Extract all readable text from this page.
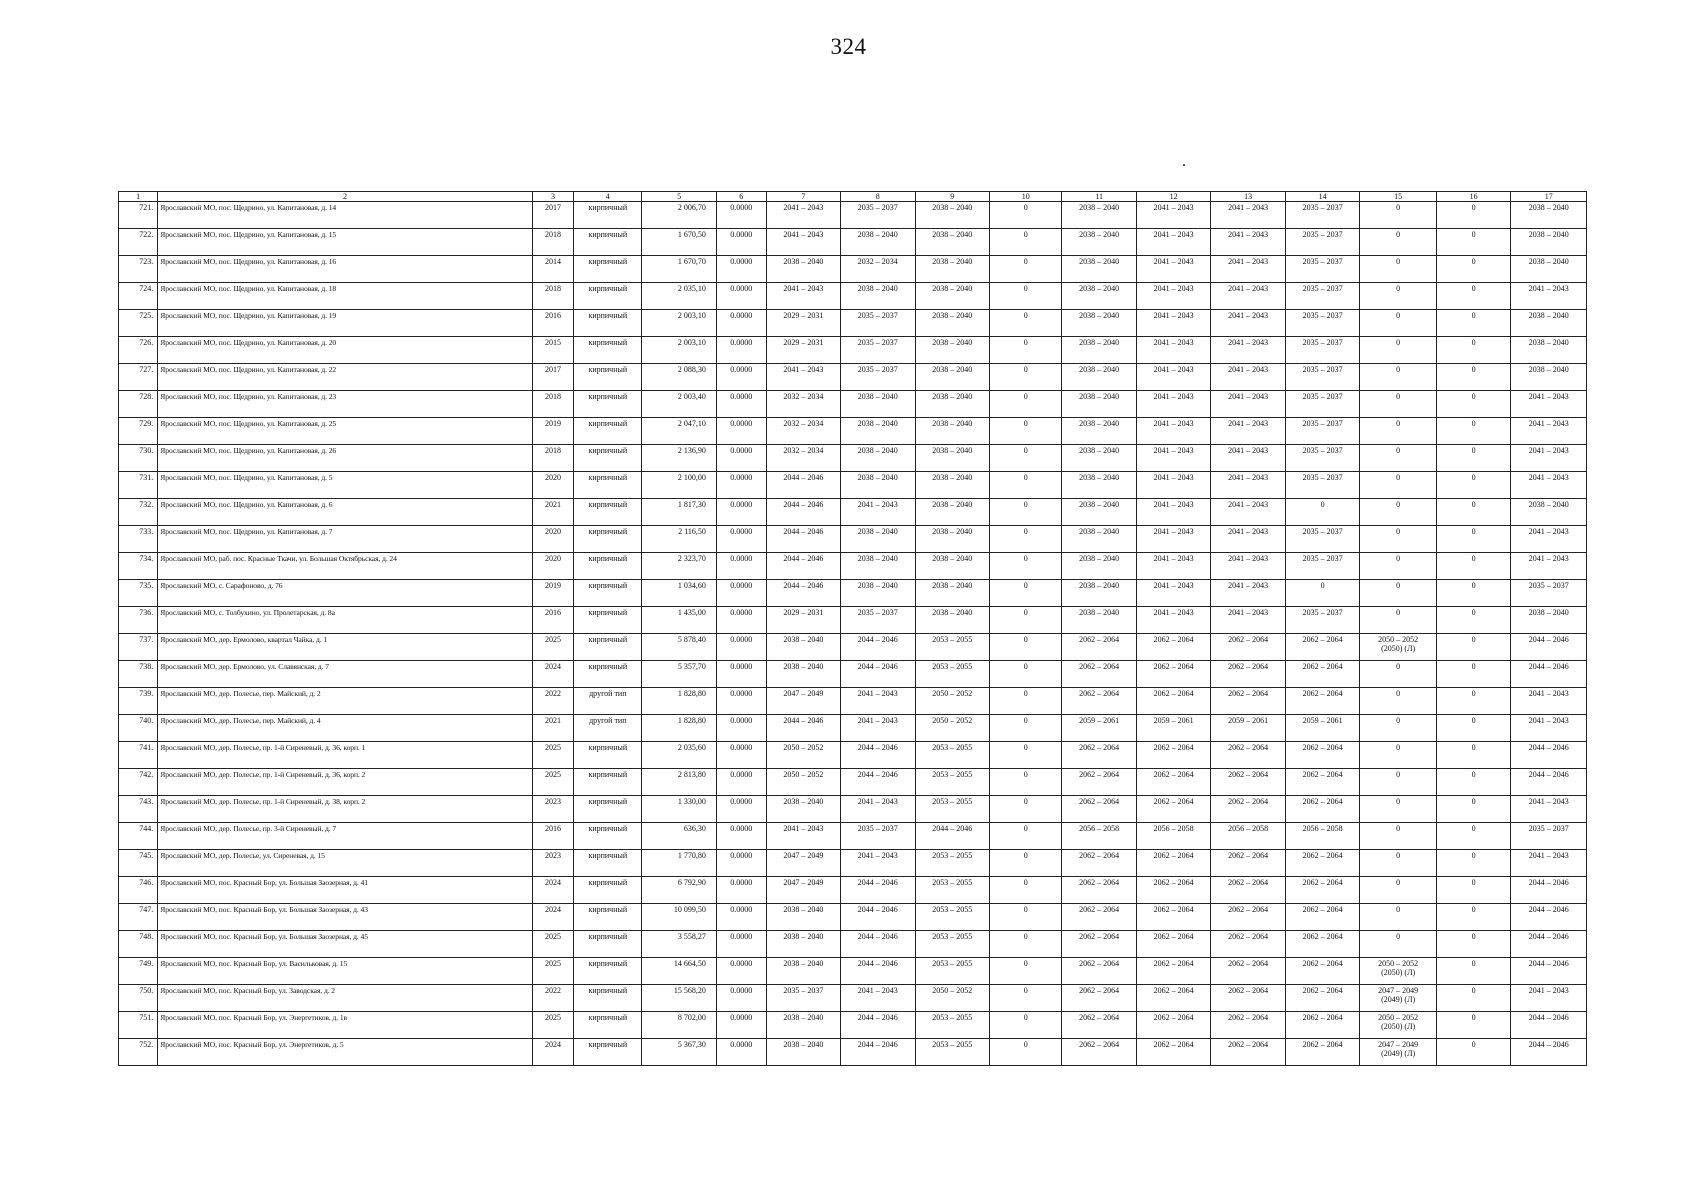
324
1	2	3	4	5	6	7	8	9	10	11	12	13	14	15	16	17
721.	Ярославский МО, пос. Щедрино, ул. Капитановая, д. 14	2017	кирпичный	2 006,70	0.0000	2041 – 2043	2035 – 2037	2038 – 2040	0	2038 – 2040	2041 – 2043	2041 – 2043	2035 – 2037	0	0	2038 – 2040
722.	Ярославский МО, пос. Щедрино, ул. Капитановая, д. 15	2018	кирпичный	1 670,50	0.0000	2041 – 2043	2038 – 2040	2038 – 2040	0	2038 – 2040	2041 – 2043	2041 – 2043	2035 – 2037	0	0	2038 – 2040
723.	Ярославский МО, пос. Щедрино, ул. Капитановая, д. 16	2014	кирпичный	1 670,70	0.0000	2038 – 2040	2032 – 2034	2038 – 2040	0	2038 – 2040	2041 – 2043	2041 – 2043	2035 – 2037	0	0	2038 – 2040
724.	Ярославский МО, пос. Щедрино, ул. Капитановая, д. 18	2018	кирпичный	2 035,10	0.0000	2041 – 2043	2038 – 2040	2038 – 2040	0	2038 – 2040	2041 – 2043	2041 – 2043	2035 – 2037	0	0	2041 – 2043
725.	Ярославский МО, пос. Щедрино, ул. Капитановая, д. 19	2016	кирпичный	2 003,10	0.0000	2029 – 2031	2035 – 2037	2038 – 2040	0	2038 – 2040	2041 – 2043	2041 – 2043	2035 – 2037	0	0	2038 – 2040
726.	Ярославский МО, пос. Щедрино, ул. Капитановая, д. 20	2015	кирпичный	2 003,10	0.0000	2029 – 2031	2035 – 2037	2038 – 2040	0	2038 – 2040	2041 – 2043	2041 – 2043	2035 – 2037	0	0	2038 – 2040
727.	Ярославский МО, пос. Щедрино, ул. Капитановая, д. 22	2017	кирпичный	2 088,30	0.0000	2041 – 2043	2035 – 2037	2038 – 2040	0	2038 – 2040	2041 – 2043	2041 – 2043	2035 – 2037	0	0	2038 – 2040
728.	Ярославский МО, пос. Щедрино, ул. Капитановая, д. 23	2018	кирпичный	2 003,40	0.0000	2032 – 2034	2038 – 2040	2038 – 2040	0	2038 – 2040	2041 – 2043	2041 – 2043	2035 – 2037	0	0	2041 – 2043
729.	Ярославский МО, пос. Щедрино, ул. Капитановая, д. 25	2019	кирпичный	2 047,10	0.0000	2032 – 2034	2038 – 2040	2038 – 2040	0	2038 – 2040	2041 – 2043	2041 – 2043	2035 – 2037	0	0	2041 – 2043
730.	Ярославский МО, пос. Щедрино, ул. Капитановая, д. 26	2018	кирпичный	2 136,90	0.0000	2032 – 2034	2038 – 2040	2038 – 2040	0	2038 – 2040	2041 – 2043	2041 – 2043	2035 – 2037	0	0	2041 – 2043
731.	Ярославский МО, пос. Щедрино, ул. Капитановая, д. 5	2020	кирпичный	2 100,00	0.0000	2044 – 2046	2038 – 2040	2038 – 2040	0	2038 – 2040	2041 – 2043	2041 – 2043	2035 – 2037	0	0	2041 – 2043
732.	Ярославский МО, пос. Щедрино, ул. Капитановая, д. 6	2021	кирпичный	1 817,30	0.0000	2044 – 2046	2041 – 2043	2038 – 2040	0	2038 – 2040	2041 – 2043	2041 – 2043	0	0	0	2038 – 2040
733.	Ярославский МО, пос. Щедрино, ул. Капитановая, д. 7	2020	кирпичный	2 116,50	0.0000	2044 – 2046	2038 – 2040	2038 – 2040	0	2038 – 2040	2041 – 2043	2041 – 2043	2035 – 2037	0	0	2041 – 2043
734.	Ярославский МО, раб. пос. Красные Ткачи, ул. Большая Октябрьская, д. 24	2020	кирпичный	2 323,70	0.0000	2044 – 2046	2038 – 2040	2038 – 2040	0	2038 – 2040	2041 – 2043	2041 – 2043	2035 – 2037	0	0	2041 – 2043
735.	Ярославский МО, с. Сарафоново, д. 76	2019	кирпичный	1 034,60	0.0000	2044 – 2046	2038 – 2040	2038 – 2040	0	2038 – 2040	2041 – 2043	2041 – 2043	0	0	0	2035 – 2037
736.	Ярославский МО, с. Толбухино, ул. Пролетарская, д. 8а	2016	кирпичный	1 435,00	0.0000	2029 – 2031	2035 – 2037	2038 – 2040	0	2038 – 2040	2041 – 2043	2041 – 2043	2035 – 2037	0	0	2038 – 2040
737.	Ярославский МО, дер. Ермолово, квартал Чайка, д. 1	2025	кирпичный	5 878,40	0.0000	2038 – 2040	2044 – 2046	2053 – 2055	0	2062 – 2064	2062 – 2064	2062 – 2064	2062 – 2064	2050 – 2052
(2050) (Л)	0	2044 – 2046
738.	Ярославский МО, дер. Ермолово, ул. Славянская, д. 7	2024	кирпичный	5 357,70	0.0000	2038 – 2040	2044 – 2046	2053 – 2055	0	2062 – 2064	2062 – 2064	2062 – 2064	2062 – 2064	0	0	2044 – 2046
739.	Ярославский МО, дер. Полесье, пер. Майский, д. 2	2022	другой тип	1 828,80	0.0000	2047 – 2049	2041 – 2043	2050 – 2052	0	2062 – 2064	2062 – 2064	2062 – 2064	2062 – 2064	0	0	2041 – 2043
740.	Ярославский МО, дер. Полесье, пер. Майский, д. 4	2021	другой тип	1 828,80	0.0000	2044 – 2046	2041 – 2043	2050 – 2052	0	2059 – 2061	2059 – 2061	2059 – 2061	2059 – 2061	0	0	2041 – 2043
741.	Ярославский МО, дер. Полесье, пр. 1-й Сиреневый, д. 36, корп. 1	2025	кирпичный	2 035,60	0.0000	2050 – 2052	2044 – 2046	2053 – 2055	0	2062 – 2064	2062 – 2064	2062 – 2064	2062 – 2064	0	0	2044 – 2046
742.	Ярославский МО, дер. Полесье, пр. 1-й Сиреневый, д. 36, корп. 2	2025	кирпичный	2 813,80	0.0000	2050 – 2052	2044 – 2046	2053 – 2055	0	2062 – 2064	2062 – 2064	2062 – 2064	2062 – 2064	0	0	2044 – 2046
743.	Ярославский МО, дер. Полесье, пр. 1-й Сиреневый, д. 38, корп. 2	2023	кирпичный	1 330,00	0.0000	2038 – 2040	2041 – 2043	2053 – 2055	0	2062 – 2064	2062 – 2064	2062 – 2064	2062 – 2064	0	0	2041 – 2043
744.	Ярославский МО, дер. Полесье, пр. 3-й Сиреневый, д. 7	2016	кирпичный	636,30	0.0000	2041 – 2043	2035 – 2037	2044 – 2046	0	2056 – 2058	2056 – 2058	2056 – 2058	2056 – 2058	0	0	2035 – 2037
745.	Ярославский МО, дер. Полесье, ул. Сиреневая, д. 15	2023	кирпичный	1 770,80	0.0000	2047 – 2049	2041 – 2043	2053 – 2055	0	2062 – 2064	2062 – 2064	2062 – 2064	2062 – 2064	0	0	2041 – 2043
746.	Ярославский МО, пос. Красный Бор, ул. Большая Заозерная, д. 41	2024	кирпичный	6 792,90	0.0000	2047 – 2049	2044 – 2046	2053 – 2055	0	2062 – 2064	2062 – 2064	2062 – 2064	2062 – 2064	0	0	2044 – 2046
747.	Ярославский МО, пос. Красный Бор, ул. Большая Заозерная, д. 43	2024	кирпичный	10 099,50	0.0000	2038 – 2040	2044 – 2046	2053 – 2055	0	2062 – 2064	2062 – 2064	2062 – 2064	2062 – 2064	0	0	2044 – 2046
748.	Ярославский МО, пос. Красный Бор, ул. Большая Заозерная, д. 45	2025	кирпичный	3 558,27	0.0000	2038 – 2040	2044 – 2046	2053 – 2055	0	2062 – 2064	2062 – 2064	2062 – 2064	2062 – 2064	0	0	2044 – 2046
749.	Ярославский МО, пос. Красный Бор, ул. Васильковая, д. 15	2025	кирпичный	14 664,50	0.0000	2038 – 2040	2044 – 2046	2053 – 2055	0	2062 – 2064	2062 – 2064	2062 – 2064	2062 – 2064	2050 – 2052
(2050) (Л)	0	2044 – 2046
750.	Ярославский МО, пос. Красный Бор, ул. Заводская, д. 2	2022	кирпичный	15 568,20	0.0000	2035 – 2037	2041 – 2043	2050 – 2052	0	2062 – 2064	2062 – 2064	2062 – 2064	2062 – 2064	2047 – 2049
(2049) (Л)	0	2041 – 2043
751.	Ярославский МО, пос. Красный Бор, ул. Энергетиков, д. 1в	2025	кирпичный	8 702,00	0.0000	2038 – 2040	2044 – 2046	2053 – 2055	0	2062 – 2064	2062 – 2064	2062 – 2064	2062 – 2064	2050 – 2052
(2050) (Л)	0	2044 – 2046
752.	Ярославский МО, пос. Красный Бор, ул. Энергетиков, д. 5	2024	кирпичный	5 367,30	0.0000	2038 – 2040	2044 – 2046	2053 – 2055	0	2062 – 2064	2062 – 2064	2062 – 2064	2062 – 2064	2047 – 2049
(2049) (Л)	0	2044 – 2046
